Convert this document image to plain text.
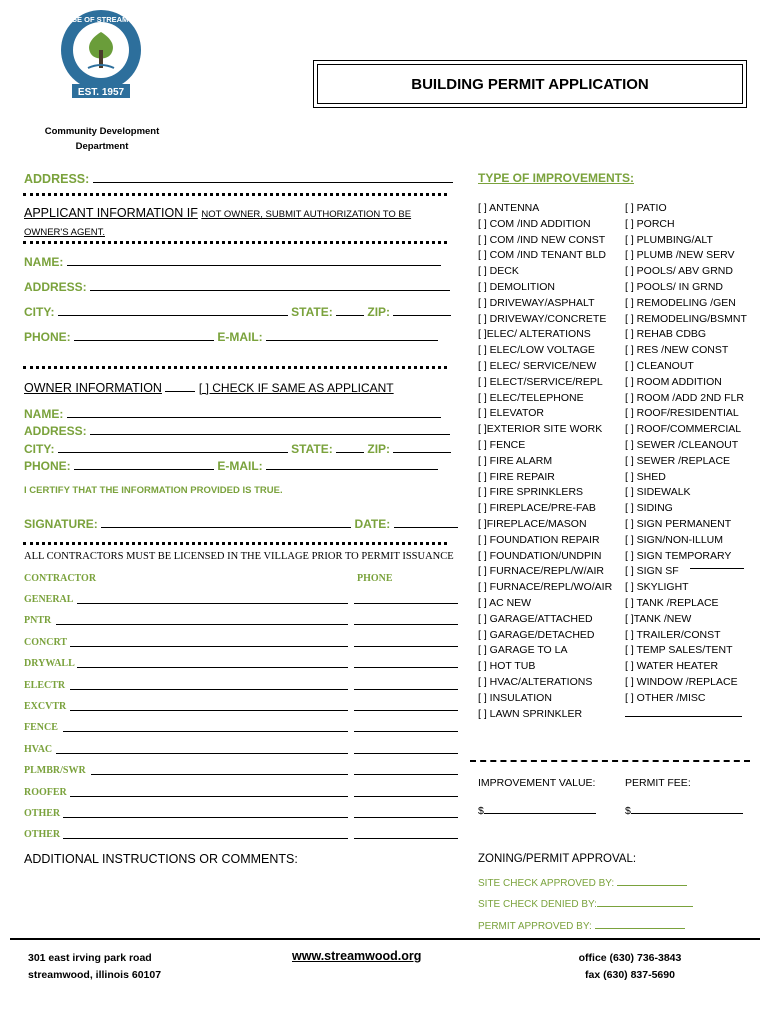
VILLAGE OF STREAMWOOD
EST. 1957	BUILDING PERMIT APPLICATION
Community Development
Department
ADDRESS:
APPLICANT INFORMATION IF NOT OWNER, SUBMIT AUTHORIZATION TO BE
OWNER'S AGENT.
NAME:
ADDRESS:
CITY:	STATE:	ZIP:
PHONE:	E-MAIL:
OWNER INFORMATION	[ ] CHECK IF SAME AS APPLICANT
NAME:
ADDRESS:
CITY:	STATE:	ZIP:
PHONE:	E-MAIL:
I CERTIFY THAT THE INFORMATION PROVIDED IS TRUE.
SIGNATURE:	DATE:
ALL CONTRACTORS MUST BE LICENSED IN THE VILLAGE PRIOR TO PERMIT ISSUANCE
CONTRACTOR	PHONE
GENERAL
PNTR
CONCRT
DRYWALL
ELECTR
EXCVTR
FENCE
HVAC
PLMBR/SWR
ROOFER
OTHER
OTHER
ADDITIONAL INSTRUCTIONS OR COMMENTS:
TYPE OF IMPROVEMENTS:
[ ] ANTENNA
[ ] COM /IND ADDITION
[ ] COM /IND NEW CONST
[ ] COM /IND TENANT BLD
[ ] DECK
[ ] DEMOLITION
[ ] DRIVEWAY/ASPHALT
[ ] DRIVEWAY/CONCRETE
[ ]ELEC/ ALTERATIONS
[ ] ELEC/LOW VOLTAGE
[ ] ELEC/ SERVICE/NEW
[ ] ELECT/SERVICE/REPL
[ ] ELEC/TELEPHONE
[ ] ELEVATOR
[ ]EXTERIOR SITE WORK
[ ] FENCE
[ ] FIRE ALARM
[ ] FIRE REPAIR
[ ] FIRE SPRINKLERS
[ ] FIREPLACE/PRE-FAB
[ ]FIREPLACE/MASON
[ ] FOUNDATION REPAIR
[ ] FOUNDATION/UNDPIN
[ ] FURNACE/REPL/W/AIR
[ ] FURNACE/REPL/WO/AIR
[ ] AC NEW
[ ] GARAGE/ATTACHED
[ ] GARAGE/DETACHED
[ ] GARAGE TO LA
[ ] HOT TUB
[ ] HVAC/ALTERATIONS
[ ] INSULATION
[ ] LAWN SPRINKLER
[ ] PATIO
[ ] PORCH
[ ] PLUMBING/ALT
[ ] PLUMB /NEW SERV
[ ] POOLS/ ABV GRND
[ ] POOLS/ IN GRND
[ ] REMODELING /GEN
[ ] REMODELING/BSMNT
[ ] REHAB CDBG
[ ] RES /NEW CONST
[ ] CLEANOUT
[ ] ROOM ADDITION
[ ] ROOM /ADD 2ND FLR
[ ] ROOF/RESIDENTIAL
[ ] ROOF/COMMERCIAL
[ ] SEWER /CLEANOUT
[ ] SEWER /REPLACE
[ ] SHED
[ ] SIDEWALK
[ ] SIDING
[ ] SIGN PERMANENT
[ ] SIGN/NON-ILLUM
[ ] SIGN TEMPORARY
[ ] SIGN SF
[ ] SKYLIGHT
[ ] TANK /REPLACE
[ ]TANK /NEW
[ ] TRAILER/CONST
[ ] TEMP SALES/TENT
[ ] WATER HEATER
[ ] WINDOW /REPLACE
[ ] OTHER /MISC
IMPROVEMENT VALUE:	PERMIT FEE:
$	$
ZONING/PERMIT APPROVAL:
SITE CHECK APPROVED BY:
SITE CHECK DENIED BY:
PERMIT APPROVED BY:
301 east irving park road
streamwood, illinois 60107
www.streamwood.org	office (630) 736-3843
fax (630) 837-5690
